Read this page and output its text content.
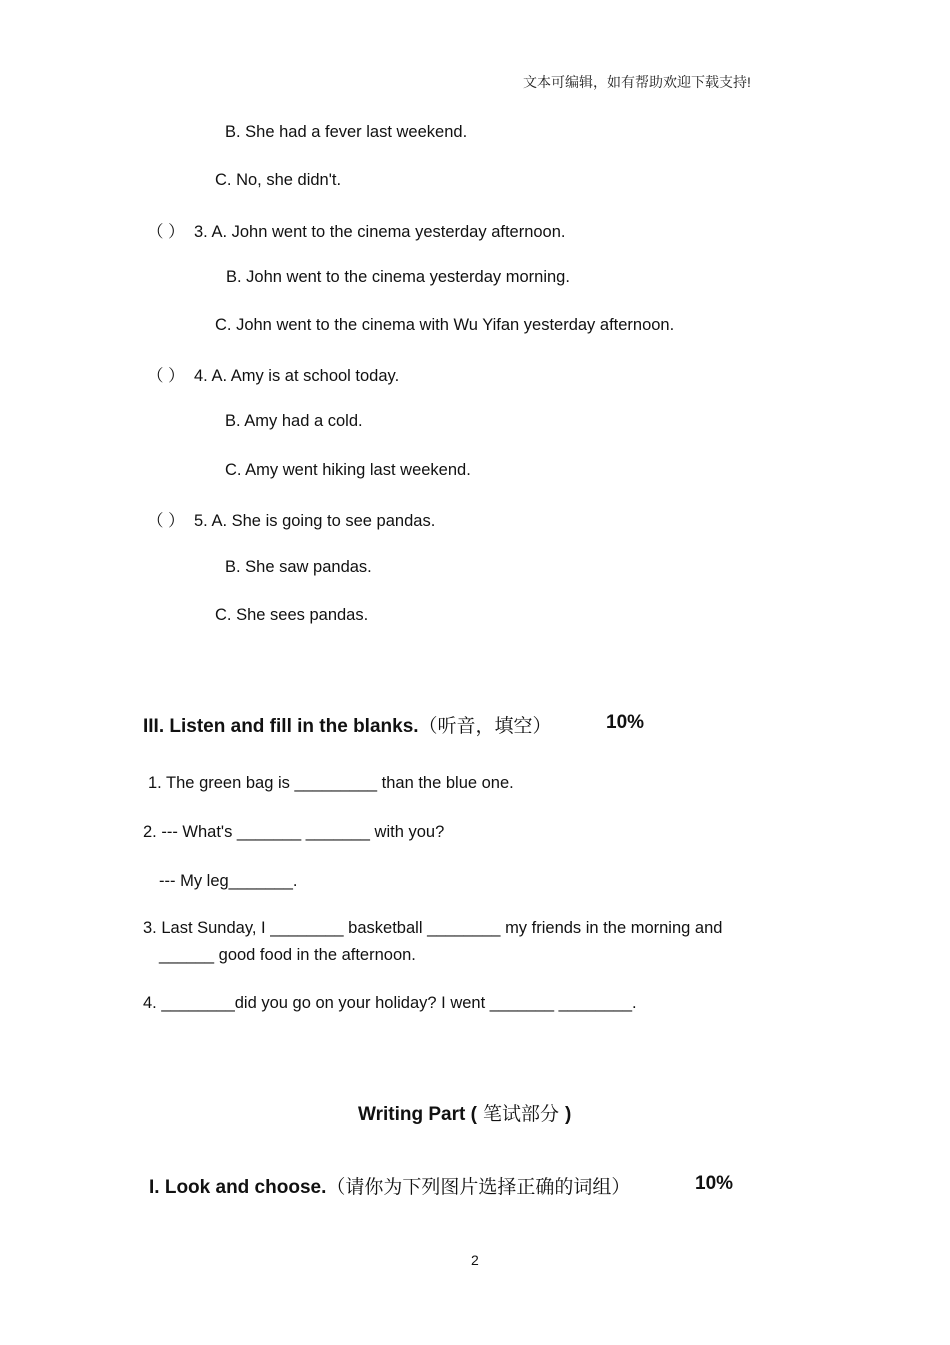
文本可编辑，如有帮助欢迎下载支持!
B. She had a fever last weekend.
C. No, she didn't.
（ ） 3. A. John went to the cinema yesterday afternoon.
B. John went to the cinema yesterday morning.
C. John went to the cinema with Wu Yifan yesterday afternoon.
（ ） 4. A. Amy is at school today.
B. Amy had a cold.
C. Amy went hiking last weekend.
（ ） 5. A. She is going to see pandas.
B. She saw pandas.
C. She sees pandas.
III. Listen and fill in the blanks.（听音，填空）	10%
1. The green bag is _________ than the blue one.
2. --- What's _______ _______ with you?
--- My leg_______.
3. Last Sunday, I ________ basketball ________ my friends in the morning and
______ good food in the afternoon.
4. ________did you go on your holiday? I went _______ ________.
Writing Part ( 笔试部分 )
I. Look and choose.（请你为下列图片选择正确的词组）	10%
2
